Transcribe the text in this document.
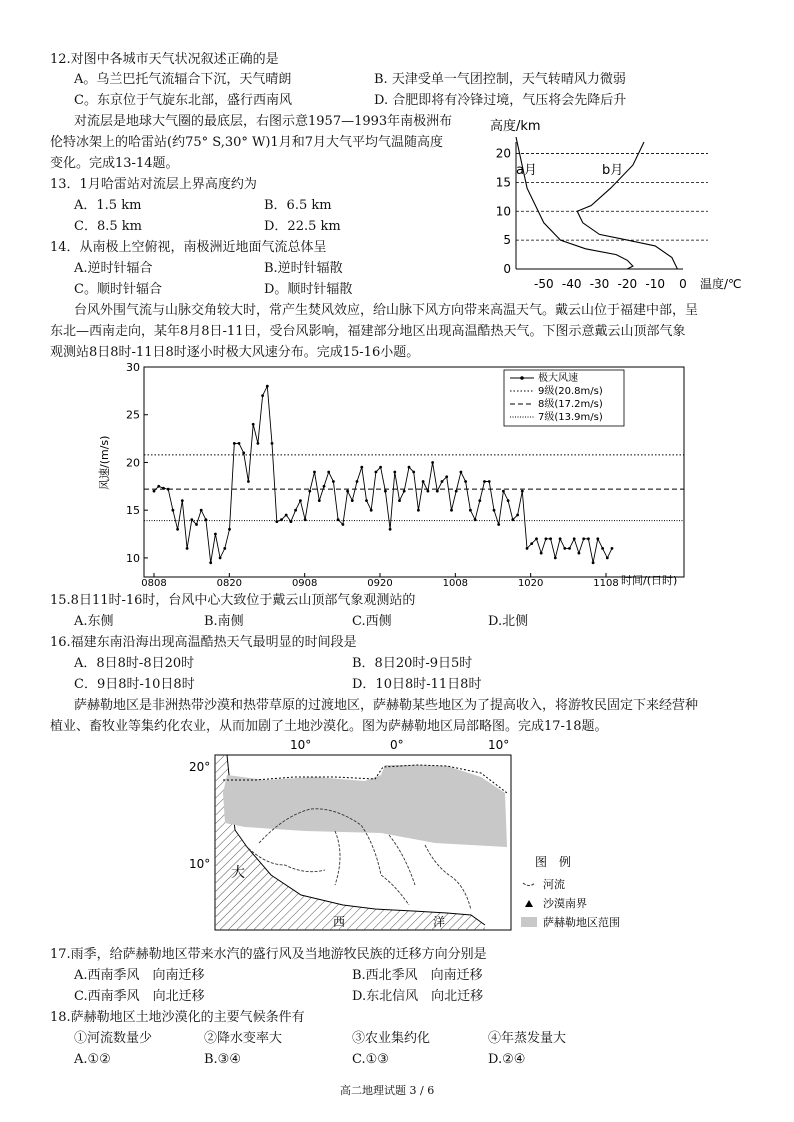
12.对图中各城市天气状况叙述正确的是
A。乌兰巴托气流辐合下沉，天气晴朗	B. 天津受单一气团控制，天气转晴风力微弱
C。东京位于气旋东北部，盛行西南风	D. 合肥即将有冷锋过境，气压将会先降后升
对流层是地球大气圈的最底层，右图示意1957—1993年南极洲布
伦特冰架上的哈雷站(约75° S,30° W)1月和7月大气平均气温随高度
变化。完成13-14题。
13．1月哈雷站对流层上界高度约为
A．1.5 km	B．6.5 km
C．8.5 km	D．22.5 km
14．从南极上空俯视，南极洲近地面气流总体呈
A.逆时针辐合	B.逆时针辐散
C。顺时针辐合	D。顺时针辐散
高度/km
0
5
10
15
20
-50 -40 -30 -20 -10 0
a月	b月
温度/℃
台风外围气流与山脉交角较大时，常产生焚风效应，给山脉下风方向带来高温天气。戴云山位于福建中部，呈
东北—西南走向，某年8月8日-11日，受台风影响，福建部分地区出现高温酷热天气。下图示意戴云山顶部气象
观测站8日8时-11日8时逐小时极大风速分布。完成15-16小题。
风速/(m/s)
10
15
20
25
30
0808	0820	0908	0920	1008	1020	1108
极大风速
9级(20.8m/s)
8级(17.2m/s)
7级(13.9m/s)
时间/(日时)
15.8日11时-16时，台风中心大致位于戴云山顶部气象观测站的
A.东侧	B.南侧	C.西侧	D.北侧
16.福建东南沿海出现高温酷热天气最明显的时间段是
A．8日8时-8日20时	B．8日20时-9日5时
C．9日8时-10日8时	D．10日8时-11日8时
萨赫勒地区是非洲热带沙漠和热带草原的过渡地区，萨赫勒某些地区为了提高收入，将游牧民固定下来经营种
植业、畜牧业等集约化农业，从而加剧了土地沙漠化。图为萨赫勒地区局部略图。完成17-18题。
10°	0°	10°
20°
10°
大
西	洋
图　例
河流
沙漠南界
萨赫勒地区范围
17.雨季，给萨赫勒地区带来水汽的盛行风及当地游牧民族的迁移方向分别是
A.西南季风　向南迁移	B.西北季风　向南迁移
C.西南季风　向北迁移	D.东北信风　向北迁移
18.萨赫勒地区土地沙漠化的主要气候条件有
①河流数量少	②降水变率大	③农业集约化	④年蒸发量大
A.①②	B.③④	C.①③	D.②④
高二地理试题 3 / 6
